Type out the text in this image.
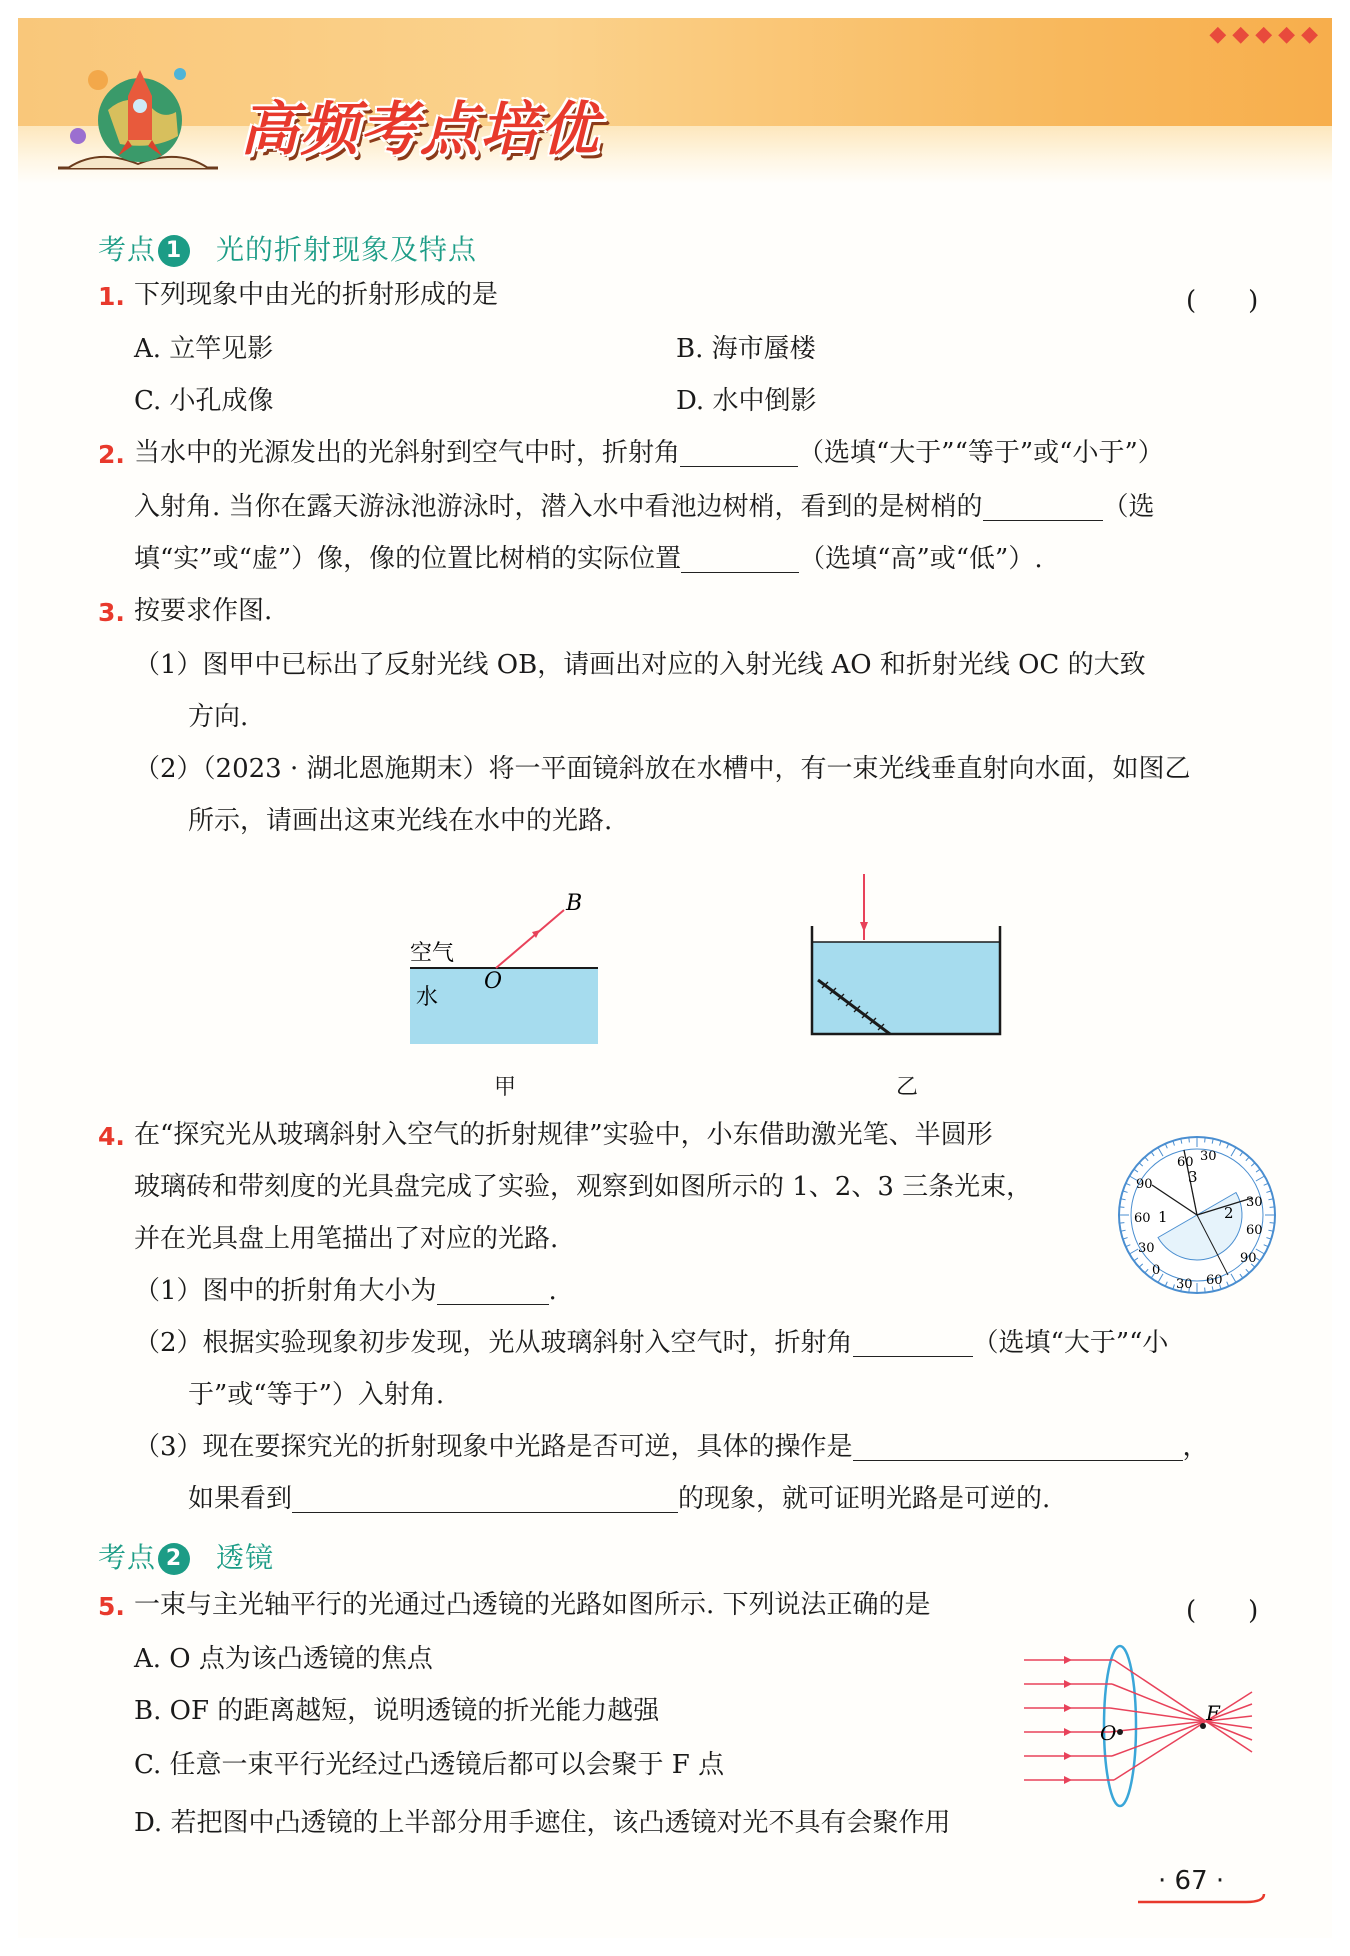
◆◆◆◆◆
高频考点培优
考点 1 光的折射现象及特点
1. 下列现象中由光的折射形成的是	(　　)
A. 立竿见影	B. 海市蜃楼
C. 小孔成像	D. 水中倒影
2. 当水中的光源发出的光斜射到空气中时，折射角	（选填“大于”“等于”或“小于”）
入射角. 当你在露天游泳池游泳时，潜入水中看池边树梢，看到的是树梢的	（选
填“实”或“虚”）像，像的位置比树梢的实际位置	（选填“高”或“低”）.
3. 按要求作图.
（1）图甲中已标出了反射光线 OB，请画出对应的入射光线 AO 和折射光线 OC 的大致
方向.
（2）（2023 · 湖北恩施期末）将一平面镜斜放在水槽中，有一束光线垂直射向水面，如图乙
所示，请画出这束光线在水中的光路.
空气
水
O
B
甲	乙
4. 在“探究光从玻璃斜射入空气的折射规律”实验中，小东借助激光笔、半圆形
玻璃砖和带刻度的光具盘完成了实验，观察到如图所示的 1、2、3 三条光束，
并在光具盘上用笔描出了对应的光路.
（1）图中的折射角大小为	.
（2）根据实验现象初步发现，光从玻璃斜射入空气时，折射角	（选填“大于”“小
于”或“等于”）入射角.
（3）现在要探究光的折射现象中光路是否可逆，具体的操作是	，
如果看到	的现象，就可证明光路是可逆的.
60 30
90
60
30
0
30 60
90
60
30
1	2
3
考点 2 透镜
5. 一束与主光轴平行的光通过凸透镜的光路如图所示. 下列说法正确的是	(　　)
A. O 点为该凸透镜的焦点
B. OF 的距离越短，说明透镜的折光能力越强
C. 任意一束平行光经过凸透镜后都可以会聚于 F 点
D. 若把图中凸透镜的上半部分用手遮住，该凸透镜对光不具有会聚作用
O
F
· 67 ·
